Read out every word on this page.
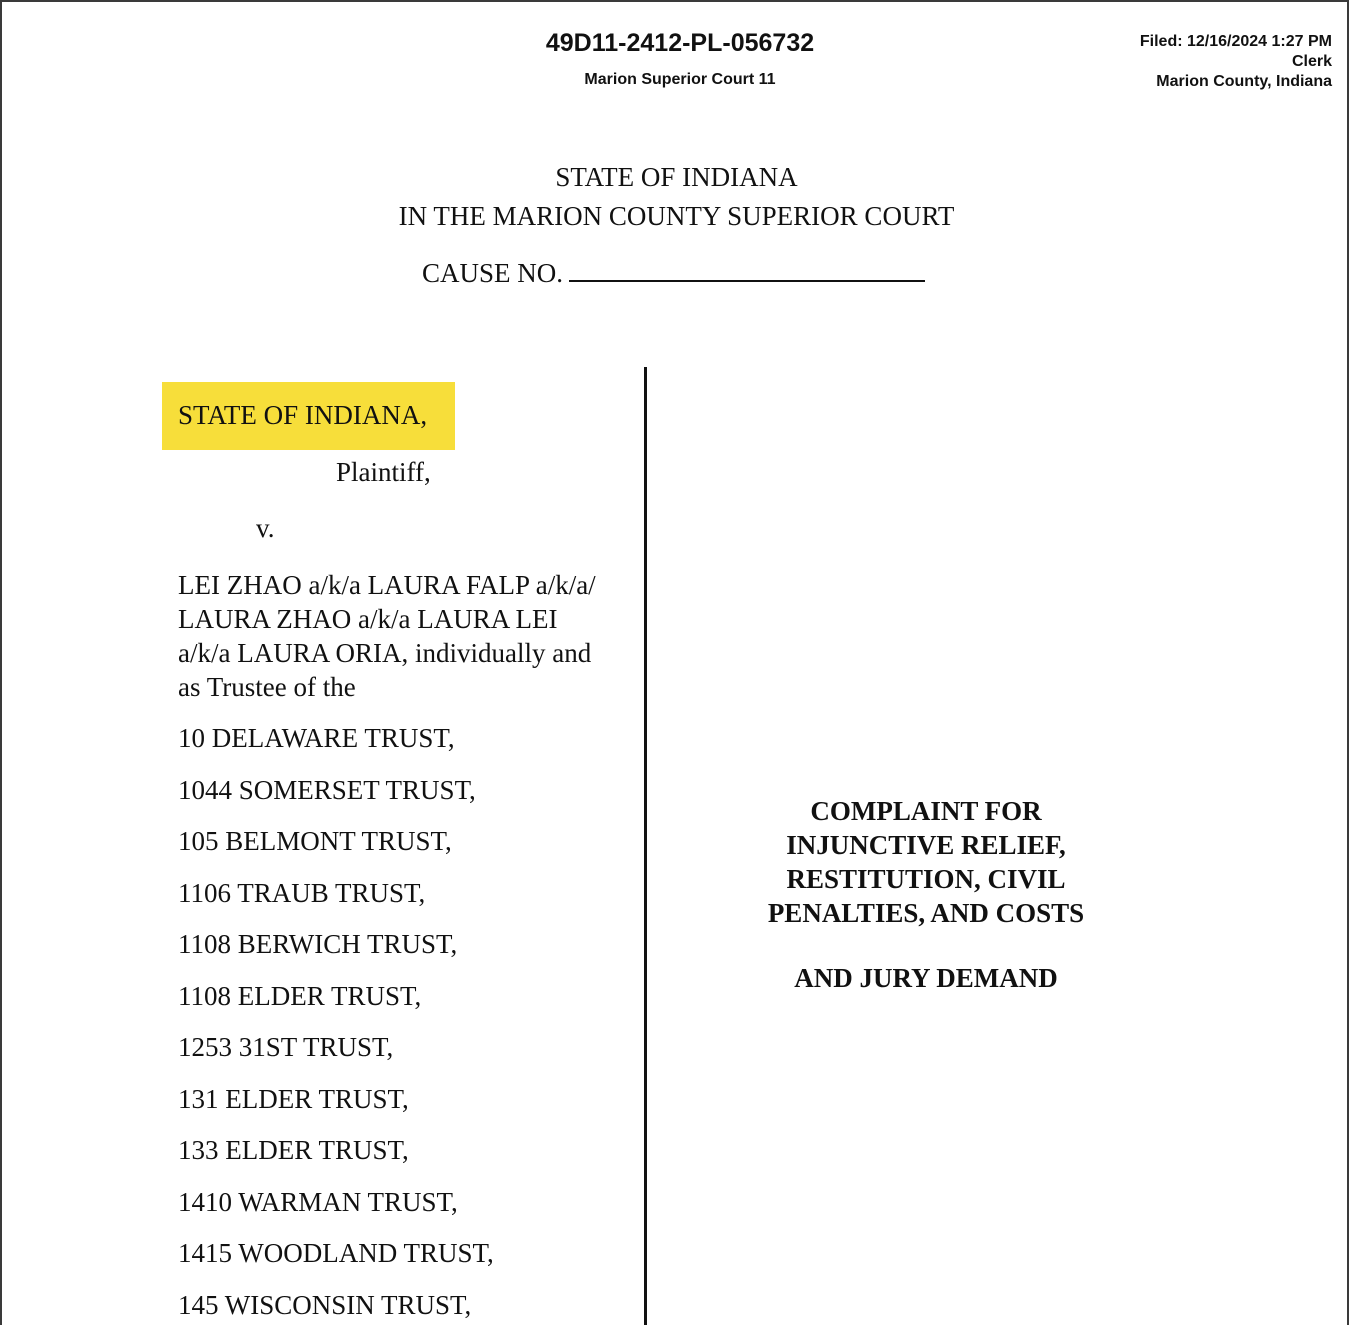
49D11-2412-PL-056732
Marion Superior Court 11
Filed: 12/16/2024 1:27 PM
Clerk
Marion County, Indiana
STATE OF INDIANA
IN THE MARION COUNTY SUPERIOR COURT
CAUSE NO.
STATE OF INDIANA,
Plaintiff,
v.
LEI ZHAO a/k/a LAURA FALP a/k/a/
LAURA ZHAO a/k/a LAURA LEI
a/k/a LAURA ORIA, individually and
as Trustee of the
10 DELAWARE TRUST,
1044 SOMERSET TRUST,
105 BELMONT TRUST,
1106 TRAUB TRUST,
1108 BERWICH TRUST,
1108 ELDER TRUST,
1253 31ST TRUST,
131 ELDER TRUST,
133 ELDER TRUST,
1410 WARMAN TRUST,
1415 WOODLAND TRUST,
145 WISCONSIN TRUST,
COMPLAINT FOR
INJUNCTIVE RELIEF,
RESTITUTION, CIVIL
PENALTIES, AND COSTS
AND JURY DEMAND
